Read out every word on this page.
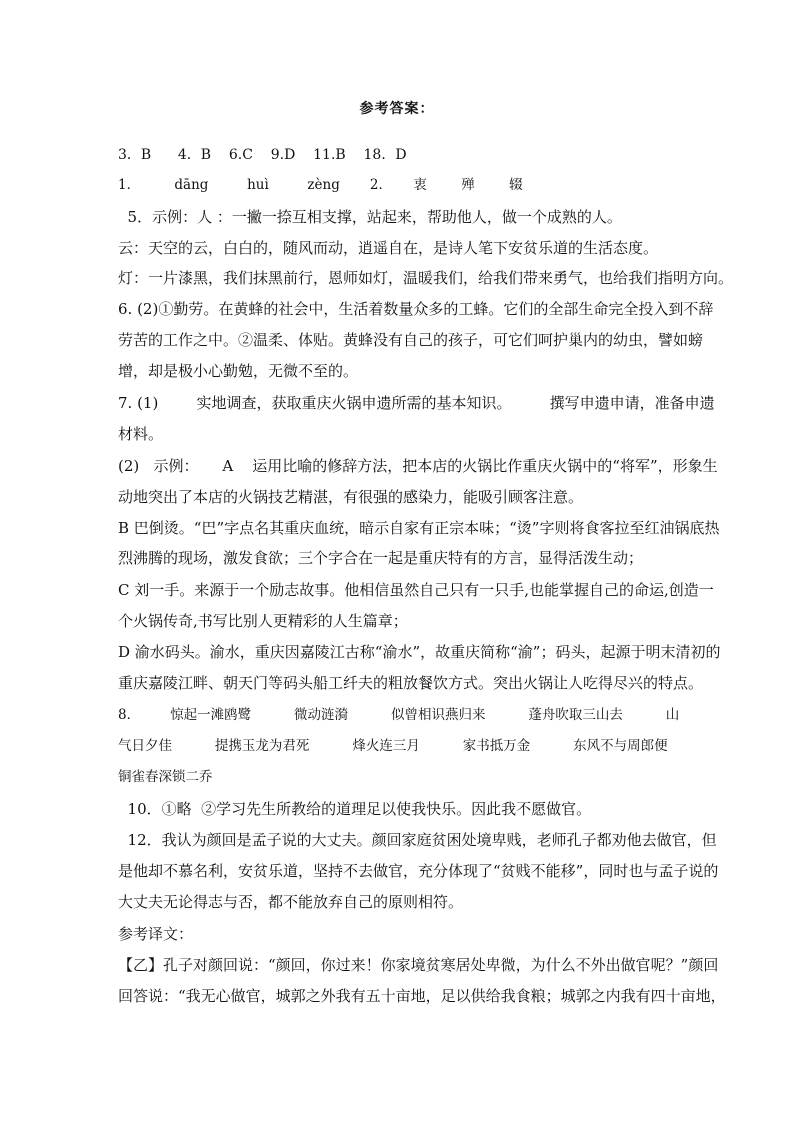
参考答案：
3．B      4．B    6.C    9.D    11.B    18．D
1．        dāng         huì         zèng       2．     衷        殚        辍
5．示例：人 ：一撇一捺互相支撑，站起来，帮助他人，做一个成熟的人。
云：天空的云，白白的，随风而动，逍遥自在，是诗人笔下安贫乐道的生活态度。
灯：一片漆黑，我们抹黑前行，恩师如灯，温暖我们，给我们带来勇气，也给我们指明方向。
6. (2)①勤劳。在黄蜂的社会中，生活着数量众多的工蜂。它们的全部生命完全投入到不辞
劳苦的工作之中。②温柔、体贴。黄蜂没有自己的孩子，可它们呵护巢内的幼虫，譬如螃
增，却是极小心勤勉，无微不至的。
7. (1)        实地调查，获取重庆火锅申遗所需的基本知识。        撰写申遗申请，准备申遗
材料。
(2)   示例：     A    运用比喻的修辞方法，把本店的火锅比作重庆火锅中的“将军”，形象生
动地突出了本店的火锅技艺精湛，有很强的感染力，能吸引顾客注意。
B 巴倒烫。“巴”字点名其重庆血统，暗示自家有正宗本味；“烫”字则将食客拉至红油锅底热
烈沸腾的现场，激发食欲；三个字合在一起是重庆特有的方言，显得活泼生动；
C 刘一手。来源于一个励志故事。他相信虽然自己只有一只手,也能掌握自己的命运,创造一
个火锅传奇,书写比别人更精彩的人生篇章；
D 渝水码头。渝水，重庆因嘉陵江古称“渝水”，故重庆简称“渝”；码头，起源于明末清初的
重庆嘉陵江畔、朝天门等码头船工纤夫的粗放餐饮方式。突出火锅让人吃得尽兴的特点。
8．       惊起一滩鸥鹭          微动涟漪          似曾相识燕归来          蓬舟吹取三山去          山
气日夕佳          提携玉龙为君死          烽火连三月          家书抵万金          东风不与周郎便
铜雀春深锁二乔
10．①略  ②学习先生所教给的道理足以使我快乐。因此我不愿做官。
12．我认为颜回是孟子说的大丈夫。颜回家庭贫困处境卑贱，老师孔子都劝他去做官，但
是他却不慕名利，安贫乐道，坚持不去做官，充分体现了“贫贱不能移”，同时也与孟子说的
大丈夫无论得志与否，都不能放弃自己的原则相符。
参考译文：
【乙】孔子对颜回说：“颜回，你过来！你家境贫寒居处卑微，为什么不外出做官呢？”颜回
回答说：“我无心做官，城郭之外我有五十亩地，足以供给我食粮；城郭之内我有四十亩地，
